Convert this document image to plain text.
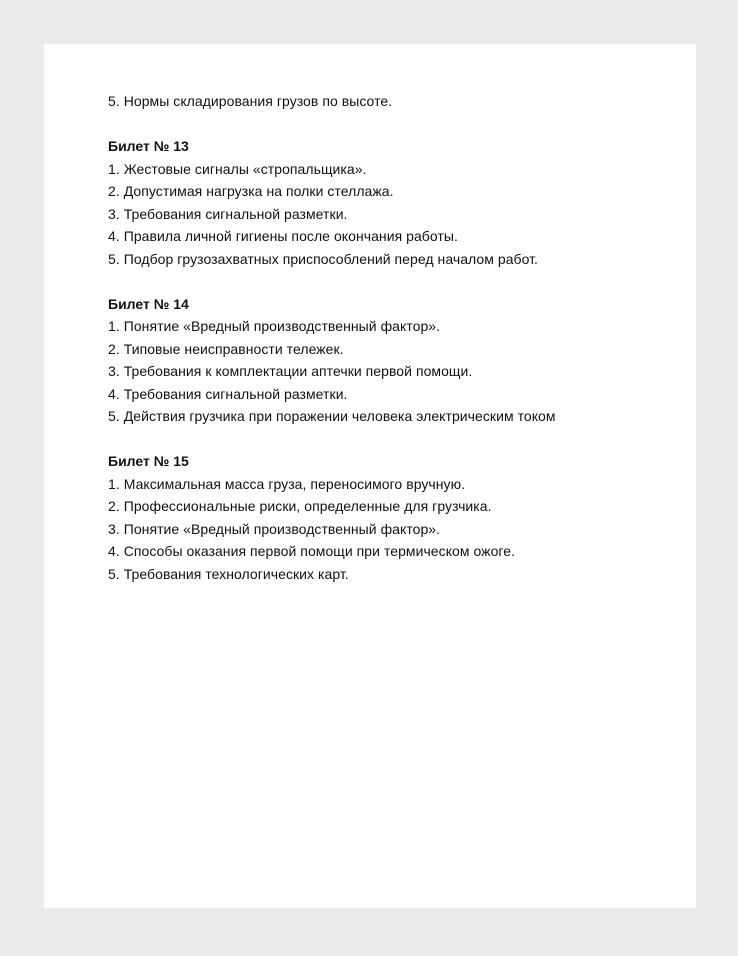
5. Нормы складирования грузов по высоте.
Билет № 13
1. Жестовые сигналы «стропальщика».
2. Допустимая нагрузка на полки стеллажа.
3. Требования сигнальной разметки.
4. Правила личной гигиены после окончания работы.
5. Подбор грузозахватных приспособлений перед началом работ.
Билет № 14
1. Понятие «Вредный производственный фактор».
2. Типовые неисправности тележек.
3. Требования к комплектации аптечки первой помощи.
4. Требования сигнальной разметки.
5. Действия грузчика при поражении человека электрическим током
Билет № 15
1. Максимальная масса груза, переносимого вручную.
2. Профессиональные риски, определенные для грузчика.
3. Понятие «Вредный производственный фактор».
4. Способы оказания первой помощи при термическом ожоге.
5. Требования технологических карт.
